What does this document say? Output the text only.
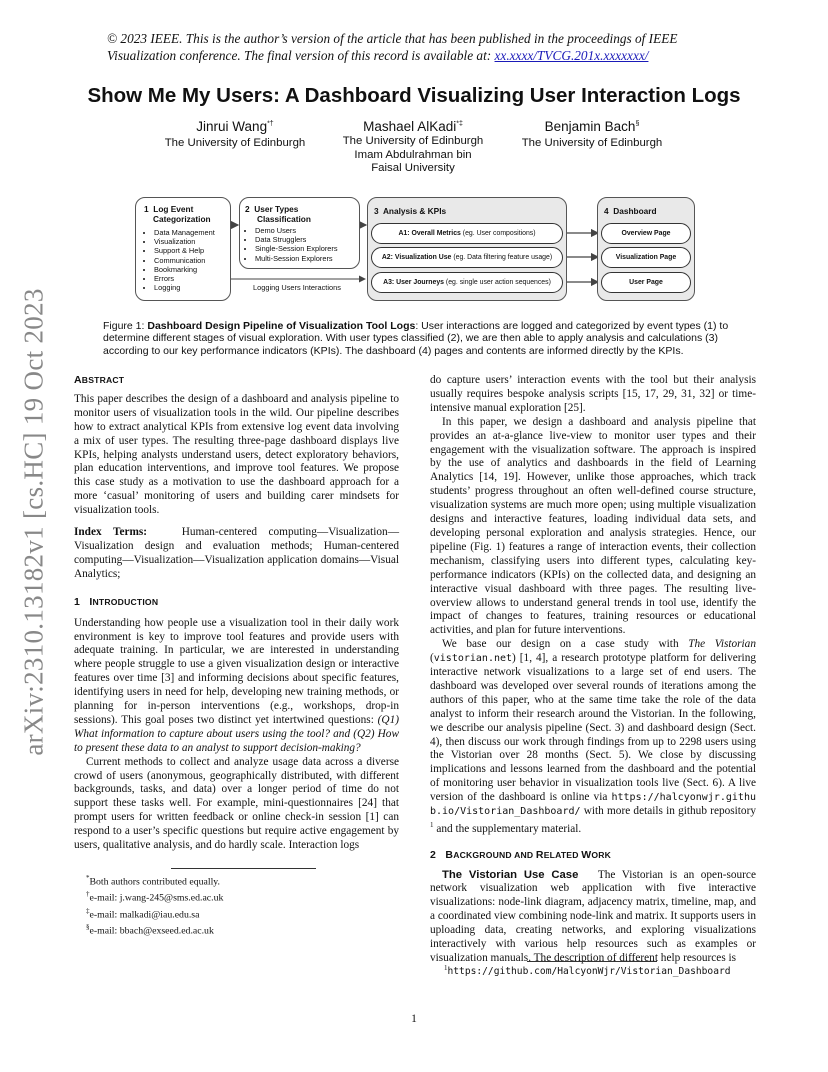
© 2023 IEEE. This is the author’s version of the article that has been published in the proceedings of IEEE Visualization conference. The final version of this record is available at: xx.xxxx/TVCG.201x.xxxxxxx/
Show Me My Users: A Dashboard Visualizing User Interaction Logs
Jinrui Wang*†
The University of Edinburgh
Mashael AlKadi*‡
The University of Edinburgh
Imam Abdulrahman bin
Faisal University
Benjamin Bach§
The University of Edinburgh
arXiv:2310.13182v1 [cs.HC] 19 Oct 2023
1 Log Event
Categorization
• Data Management
• Visualization
• Support & Help
• Communication
• Bookmarking
• Errors
• Logging
2 User Types
Classification
• Demo Users
• Data Strugglers
• Single-Session Explorers
• Multi-Session Explorers
Logging Users Interactions
3 Analysis & KPIs
A1: Overall Metrics (eg. User compositions)
A2: Visualization Use (eg. Data filtering feature usage)
A3: User Journeys (eg. single user action sequences)
4 Dashboard
Overview Page
Visualization Page
User Page
Figure 1: Dashboard Design Pipeline of Visualization Tool Logs: User interactions are logged and categorized by event types (1) to determine different stages of visual exploration. With user types classified (2), we are then able to apply analysis and calculations (3) according to our key performance indicators (KPIs). The dashboard (4) pages and contents are informed directly by the KPIs.
ABSTRACT

This paper describes the design of a dashboard and analysis pipeline to monitor users of visualization tools in the wild. Our pipeline describes how to extract analytical KPIs from extensive log event data involving a mix of user types. The resulting three-page dashboard displays live KPIs, helping analysts understand users, detect exploratory behaviors, plan education interventions, and improve tool features. We propose this case study as a motivation to use the dashboard approach for a more ‘casual’ monitoring of users and building carer mindsets for visualization tools.

Index Terms:	Human-centered computing—Visualization—Visualization design and evaluation methods; Human-centered computing—Visualization—Visualization application domains—Visual Analytics;

1 INTRODUCTION

Understanding how people use a visualization tool in their daily work environment is key to improve tool features and provide users with adequate training. In particular, we are interested in understanding where people struggle to use a given visualization design or interactive features over time [3] and informing decisions about specific features, identifying users in need for help, developing new training methods, or planning for in-person interventions (e.g., workshops, drop-in sessions). This goal poses two distinct yet intertwined questions: (Q1) What information to capture about users using the tool? and (Q2) How to present these data to an analyst to support decision-making?

Current methods to collect and analyze usage data across a diverse crowd of users (anonymous, geographically distributed, with different backgrounds, tasks, and data) over a longer period of time do not support these tasks well. For example, mini-questionnaires [24] that prompt users for written feedback or online check-in session [1] can respond to a user’s specific questions but require active engagement by users, qualitative analysis, and do hardly scale. Interaction logs

*Both authors contributed equally.
†e-mail: j.wang-245@sms.ed.ac.uk
‡e-mail: malkadi@iau.edu.sa
§e-mail: bbach@exseed.ed.ac.uk

do capture users’ interaction events with the tool but their analysis usually requires bespoke analysis scripts [15, 17, 29, 31, 32] or time-intensive manual exploration [25].

In this paper, we design a dashboard and analysis pipeline that provides an at-a-glance live-view to monitor user types and their engagement with the visualization software. The approach is inspired by the use of analytics and dashboards in the field of Learning Analytics [14, 19]. However, unlike those approaches, which track students’ progress throughout an often well-defined course structure, visualization systems are much more open; using multiple visualization designs and interactive features, loading individual data sets, and developing personal exploration and analysis strategies. Hence, our pipeline (Fig. 1) features a range of interaction events, their collection mechanism, classifying users into different types, calculating key-performance indicators (KPIs) on the collected data, and designing an interactive visual dashboard with three pages. The resulting live-overview allows to understand general trends in tool use, identify the impact of changes to features, training resources or educational activities, and plan for future interventions.

We base our design on a case study with The Vistorian (vistorian.net) [1, 4], a research prototype platform for delivering interactive network visualizations to a large set of end users. The dashboard was developed over several rounds of iterations among the authors of this paper, who at the same time take the role of the data analyst to inform their research around the Vistorian. In the following, we describe our analysis pipeline (Sect. 3) and dashboard design (Sect. 4), then discuss our work through findings from up to 2298 users using the Vistorian over 28 months (Sect. 5). We close by discussing implications and lessons learned from the dashboard and the potential of monitoring user behavior in visualization tools live (Sect. 6). A live version of the dashboard is online via https://halcyonwjr.github.io/Vistorian_Dashboard/ with more details in github repository $^1$ and the supplementary material.

2 BACKGROUND AND RELATED WORK

The Vistorian Use Case The Vistorian is an open-source network visualization web application with five interactive visualizations: node-link diagram, adjacency matrix, timeline, map, and a coordinated view combining node-link and matrix. It supports users in uploading data, creating networks, and exploring visualizations interactively with various help resources such as examples or visualization manuals. The description of different help resources is

$^1$https://github.com/HalcyonWjr/Vistorian_Dashboard
1
